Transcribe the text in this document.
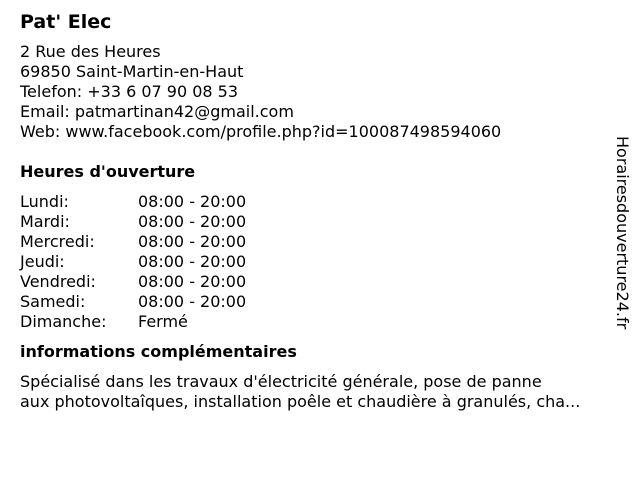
Pat' Elec
2 Rue des Heures
69850 Saint-Martin-en-Haut
Telefon: +33 6 07 90 08 53
Email: patmartinan42@gmail.com
Web: www.facebook.com/profile.php?id=100087498594060
Heures d'ouverture
Lundi:	08:00 - 20:00
Mardi:	08:00 - 20:00
Mercredi:	08:00 - 20:00
Jeudi:	08:00 - 20:00
Vendredi:	08:00 - 20:00
Samedi:	08:00 - 20:00
Dimanche:	Fermé
informations complémentaires
Spécialisé dans les travaux d'électricité générale, pose de panne
aux photovoltaîques, installation poêle et chaudière à granulés, cha...
Horairesdouverture24.fr
